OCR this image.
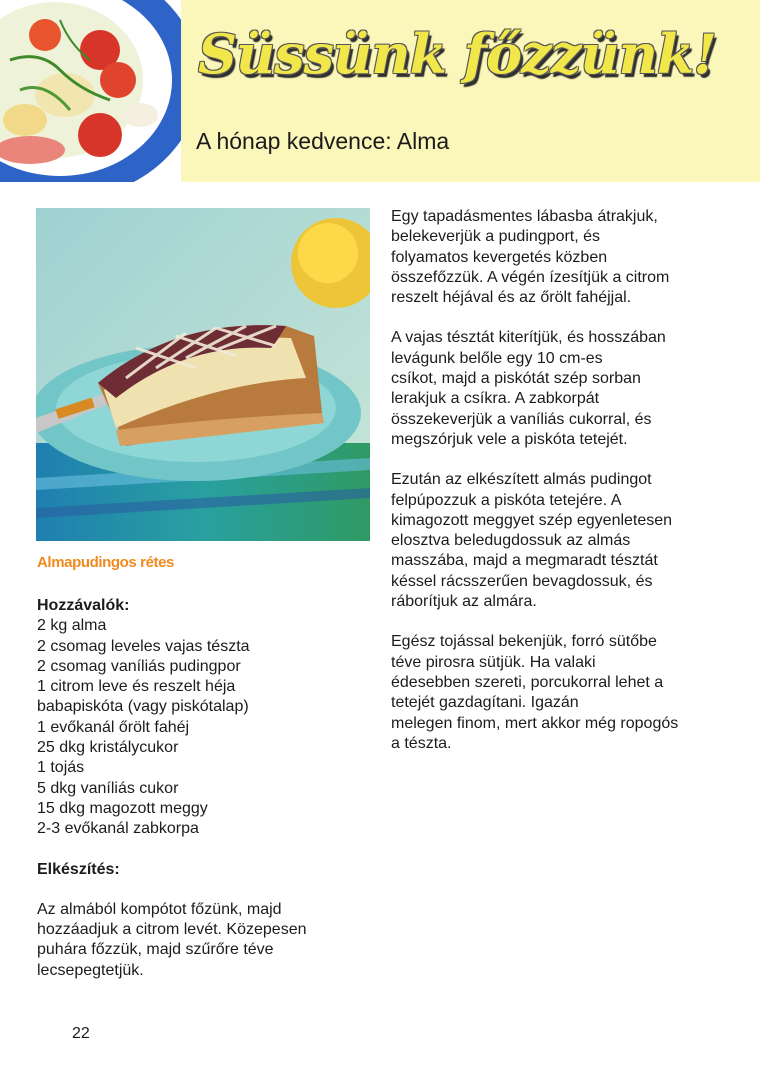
Süssünk főzzünk!
A hónap kedvence: Alma
Almapudingos rétes
Hozzávalók:
2 kg alma
2 csomag leveles vajas tészta
2 csomag vaníliás pudingpor
1 citrom leve és reszelt héja
babapiskóta (vagy piskótalap)
1 evőkanál őrölt fahéj
25 dkg kristálycukor
1 tojás
5 dkg vaníliás cukor
15 dkg magozott meggy
2-3 evőkanál zabkorpa
Elkészítés:
Az almából kompótot főzünk, majd
hozzáadjuk a citrom levét. Közepesen
puhára főzzük, majd szűrőre téve
lecsepegtetjük.
Egy tapadásmentes lábasba átrakjuk,
belekeverjük a pudingport, és
folyamatos kevergetés közben
összefőzzük. A végén ízesítjük a citrom
reszelt héjával és az őrölt fahéjjal.
A vajas tésztát kiterítjük, és hosszában
levágunk belőle egy 10 cm-es
csíkot, majd a piskótát szép sorban
lerakjuk a csíkra. A zabkorpát
összekeverjük a vaníliás cukorral, és
megszórjuk vele a piskóta tetejét.
Ezután az elkészített almás pudingot
felpúpozzuk a piskóta tetejére. A
kimagozott meggyet szép egyenletesen
elosztva beledugdossuk az almás
masszába, majd a megmaradt tésztát
késsel rácsszerűen bevagdossuk, és
ráborítjuk az almára.
Egész tojással bekenjük, forró sütőbe
téve pirosra sütjük. Ha valaki
édesebben szereti, porcukorral lehet a
tetejét gazdagítani. Igazán
melegen finom, mert akkor még ropogós
a tészta.
22
